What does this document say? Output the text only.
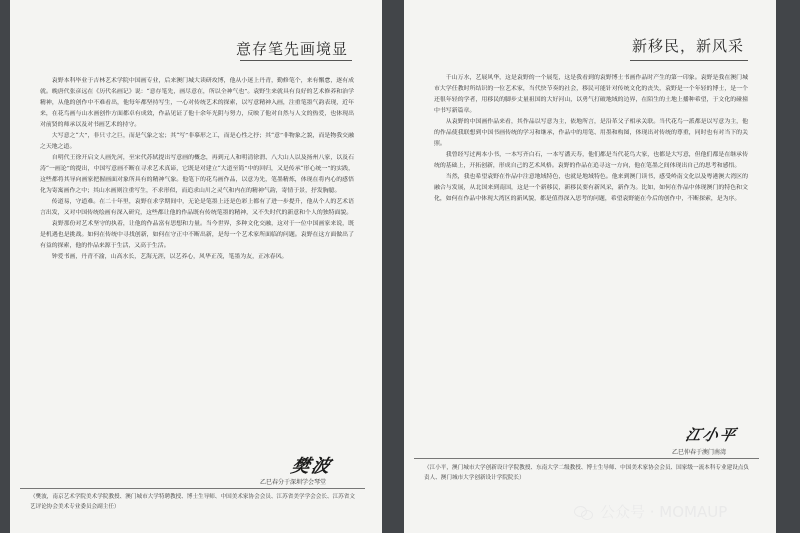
意存笔先画境显

袁野本科毕业于吉林艺术学院中国画专业，后来澳门城大读研攻博，他从小迷上丹青，勤修笔个，来有懈怠，逐有成就。晚唐代张彦远在《历代名画记》说：“意存笔先，画尽意在，所以全神气也”。袁野生来就具有良好的艺术修养和治学精神，从他的创作中不难看出，他每年都坚持写生，一心对传统艺术的探索，以写意精神入画，注重笔墨气韵表现，近年来，在花鸟画与山水画创作方面都卓有成效，作品见证了他十余年光阴与努力，反映了他对自然与人文的热爱，也体现出对前贤的师承以及对书画艺术的持守。

大写意之“大”，非只寸之巨，而是气象之宏；其“写”非摹形之工，而是心性之抒；其“意”非物象之貌，而是物我交融之天地之道。

自明代王徐开启文人画先河，至宋代苏轼提出写意画的概念，再到元人和明清徐渭、八大山人以及扬州八家，以及石涛“一画论”的提出，中国写意画不断在寻求艺术真谛，它既是对建立“大道至简”中的回归，又是传承“形心统一”的实践，这些都将其导向画家把握画面对象所具有的精神气象。他笔下的花鸟画作品，以意为先，笔墨精炼，体现在将内心的感悟化为寄寓画作之中；其山水画则注重写生，不求形似，而追求山川之灵气和内在的精神气韵，寄情于景，抒发胸臆。

传道易，守道难。在二十年里，袁野在求学期间中，无论是笔墨上还是色彩上都有了进一步提升，他从个人的艺术语言出发，又对中国传统绘画有深入研究，这些都让他的作品既有传统笔墨的精神，又不失时代的新意和个人的独特面貌。

袁野那份对艺术坚守的执着，让他的作品富有思想和力量。当今世界，多种文化交融，这对于一位中国画家来说，既是机遇也是挑战。如何在传统中寻找创新，如何在守正中不断出新，是每一个艺术家所面临的问题。袁野在这方面做出了有益的探索，他的作品来源于生活，又高于生活。

钟爱书画，丹青不渝，山高水长，艺海无涯，以艺养心，风华正茂，笔墨为友，正冰春风。

樊波
乙巳春分于深圳学会琴堂
（樊波，南京艺术学院美术学院教授、澳门城市大学特聘教授、博士生导师、中国美术家协会会员、江苏省美学学会会长、江苏省文艺评论协会美术专业委员会副主任）
新移民，新风采

千山万水，艺展风华，这是袁野的一个展览，这是我看到的袁野博士书画作品时产生的第一印象。袁野是我在澳门城市大学任教时所结识的一位艺术家，当代快节奏的社会，移民可能针对传统文化的丧失，袁野是一个年轻的博士，是一个还很年轻的学者，用移民的脚步丈量祖国的大好河山，以勇气打破地域的边界，在陌生的土地上播种希望，于文化的碰撞中书写新篇章。

从袁野的中国画作品来看，其作品以写意为主，依地所言，是沿革父子相承关联。当代花鸟一派都是以写意为主，他的作品使我联想到中国书画传统的学习和继承，作品中的用笔、用墨和构图，体现出对传统的尊重，同时也有对当下的关照。

我曾经写过两本小书，一本写齐白石，一本写潘天寿，他们都是当代花鸟大家，也都是大写意，但他们都是在继承传统的基础上，开拓创新，形成自己的艺术风格。袁野的作品在追寻这一方向，他在笔墨之间体现出自己的思考和感悟。

当然，我也希望袁野在作品中注意地域特色，也就是地域特色。他来到澳门读书，感受岭南文化以及粤港澳大湾区的融合与发展，从北国来到南国，这是一个新移民，新移民要有新风采，新作为。比如，如何在作品中体现澳门的特色和文化，如何在作品中体现大湾区的新风貌，都是值得深入思考的问题，希望袁野能在今后的创作中，不断探索，是为序。

江小平
乙巳仲春于澳门南湾
（江小平，澳门城市大学创新设计学院教授、东南大学二级教授、博士生导师、中国美术家协会会员、国家级一流本科专业建设点负责人、澳门城市大学创新设计学院院长）
公众号 · MOMAUP
